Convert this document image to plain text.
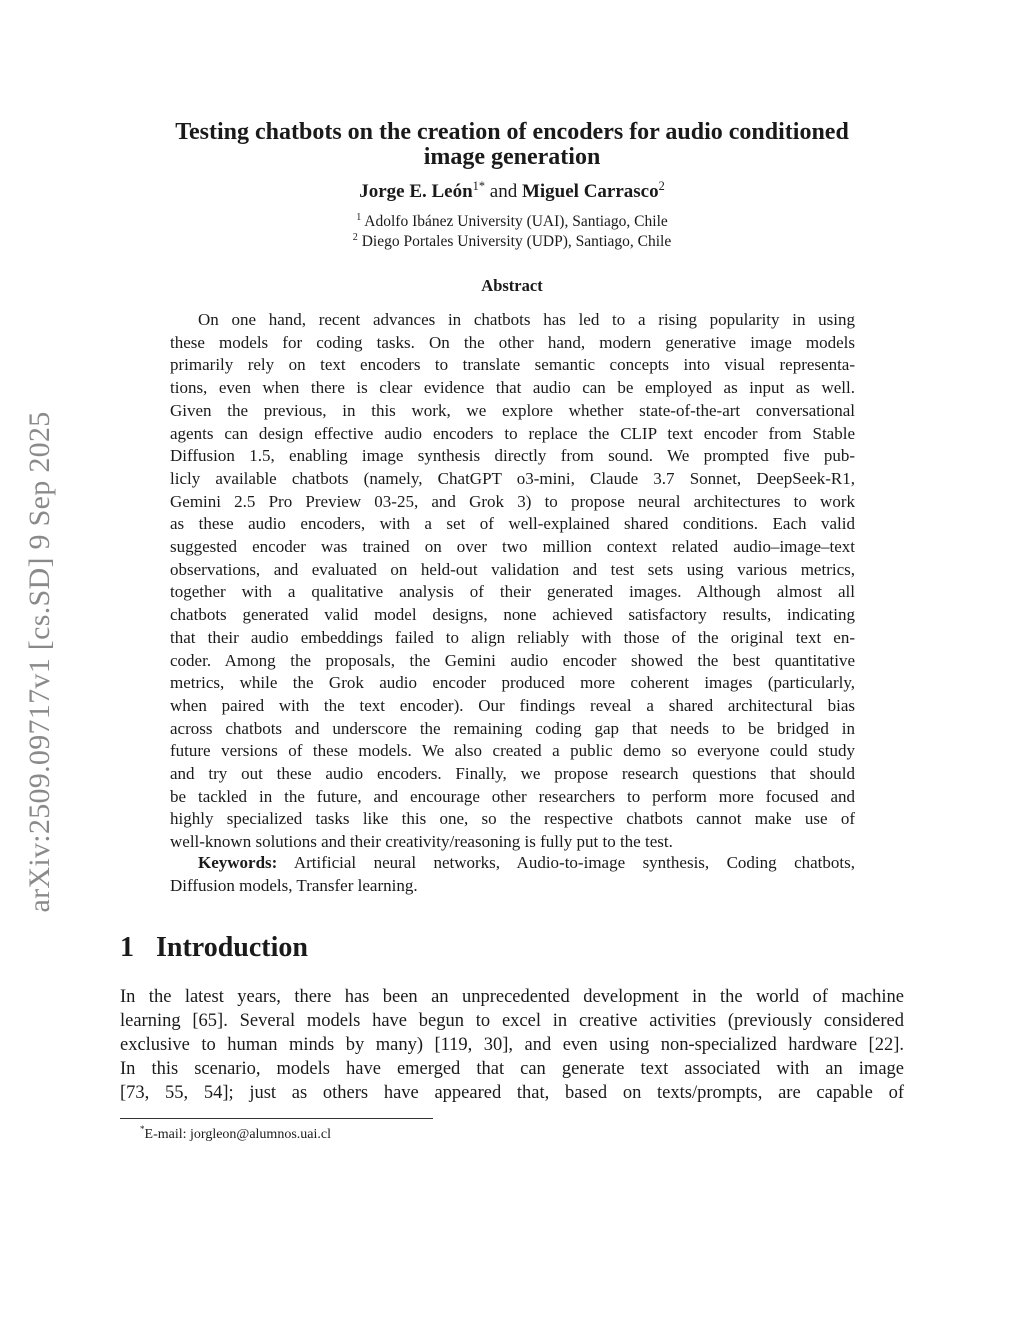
arXiv:2509.09717v1 [cs.SD] 9 Sep 2025
Testing chatbots on the creation of encoders for audio conditioned
image generation
Jorge E. León$^{1*}$ and Miguel Carrasco$^2$
$^1$ Adolfo Ibánez University (UAI), Santiago, Chile
$^2$ Diego Portales University (UDP), Santiago, Chile
Abstract
On one hand, recent advances in chatbots has led to a rising popularity in using
these models for coding tasks. On the other hand, modern generative image models
primarily rely on text encoders to translate semantic concepts into visual representa-
tions, even when there is clear evidence that audio can be employed as input as well.
Given the previous, in this work, we explore whether state-of-the-art conversational
agents can design effective audio encoders to replace the CLIP text encoder from Stable
Diffusion 1.5, enabling image synthesis directly from sound. We prompted five pub-
licly available chatbots (namely, ChatGPT o3-mini, Claude 3.7 Sonnet, DeepSeek-R1,
Gemini 2.5 Pro Preview 03-25, and Grok 3) to propose neural architectures to work
as these audio encoders, with a set of well-explained shared conditions. Each valid
suggested encoder was trained on over two million context related audio–image–text
observations, and evaluated on held-out validation and test sets using various metrics,
together with a qualitative analysis of their generated images. Although almost all
chatbots generated valid model designs, none achieved satisfactory results, indicating
that their audio embeddings failed to align reliably with those of the original text en-
coder. Among the proposals, the Gemini audio encoder showed the best quantitative
metrics, while the Grok audio encoder produced more coherent images (particularly,
when paired with the text encoder). Our findings reveal a shared architectural bias
across chatbots and underscore the remaining coding gap that needs to be bridged in
future versions of these models. We also created a public demo so everyone could study
and try out these audio encoders. Finally, we propose research questions that should
be tackled in the future, and encourage other researchers to perform more focused and
highly specialized tasks like this one, so the respective chatbots cannot make use of
well-known solutions and their creativity/reasoning is fully put to the test.
Keywords: Artificial neural networks, Audio-to-image synthesis, Coding chatbots,
Diffusion models, Transfer learning.
1 Introduction
In the latest years, there has been an unprecedented development in the world of machine
learning [65]. Several models have begun to excel in creative activities (previously considered
exclusive to human minds by many) [119, 30], and even using non-specialized hardware [22].
In this scenario, models have emerged that can generate text associated with an image
[73, 55, 54]; just as others have appeared that, based on texts/prompts, are capable of
*E-mail: jorgleon@alumnos.uai.cl
